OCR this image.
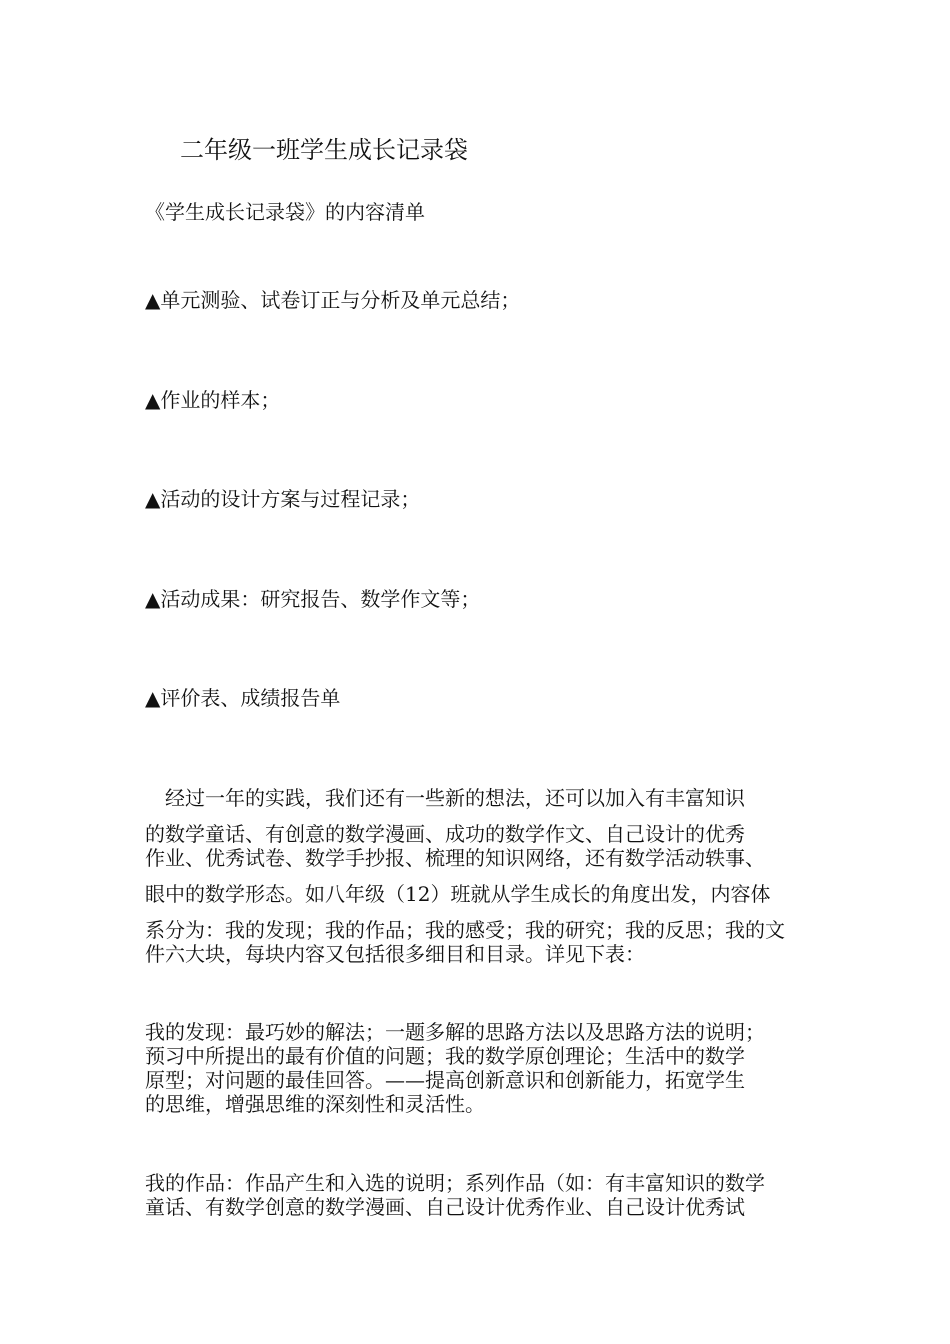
二年级一班学生成长记录袋
《学生成长记录袋》的内容清单
▲单元测验、试卷订正与分析及单元总结；
▲作业的样本；
▲活动的设计方案与过程记录；
▲活动成果：研究报告、数学作文等；
▲评价表、成绩报告单
　经过一年的实践，我们还有一些新的想法，还可以加入有丰富知识
的数学童话、有创意的数学漫画、成功的数学作文、自己设计的优秀
作业、优秀试卷、数学手抄报、梳理的知识网络，还有数学活动轶事、
眼中的数学形态。如八年级（12）班就从学生成长的角度出发，内容体
系分为：我的发现；我的作品；我的感受；我的研究；我的反思；我的文
件六大块，每块内容又包括很多细目和目录。详见下表：
我的发现：最巧妙的解法；一题多解的思路方法以及思路方法的说明；
预习中所提出的最有价值的问题；我的数学原创理论；生活中的数学
原型；对问题的最佳回答。——提高创新意识和创新能力，拓宽学生
的思维，增强思维的深刻性和灵活性。
我的作品：作品产生和入选的说明；系列作品（如：有丰富知识的数学
童话、有数学创意的数学漫画、自己设计优秀作业、自己设计优秀试
